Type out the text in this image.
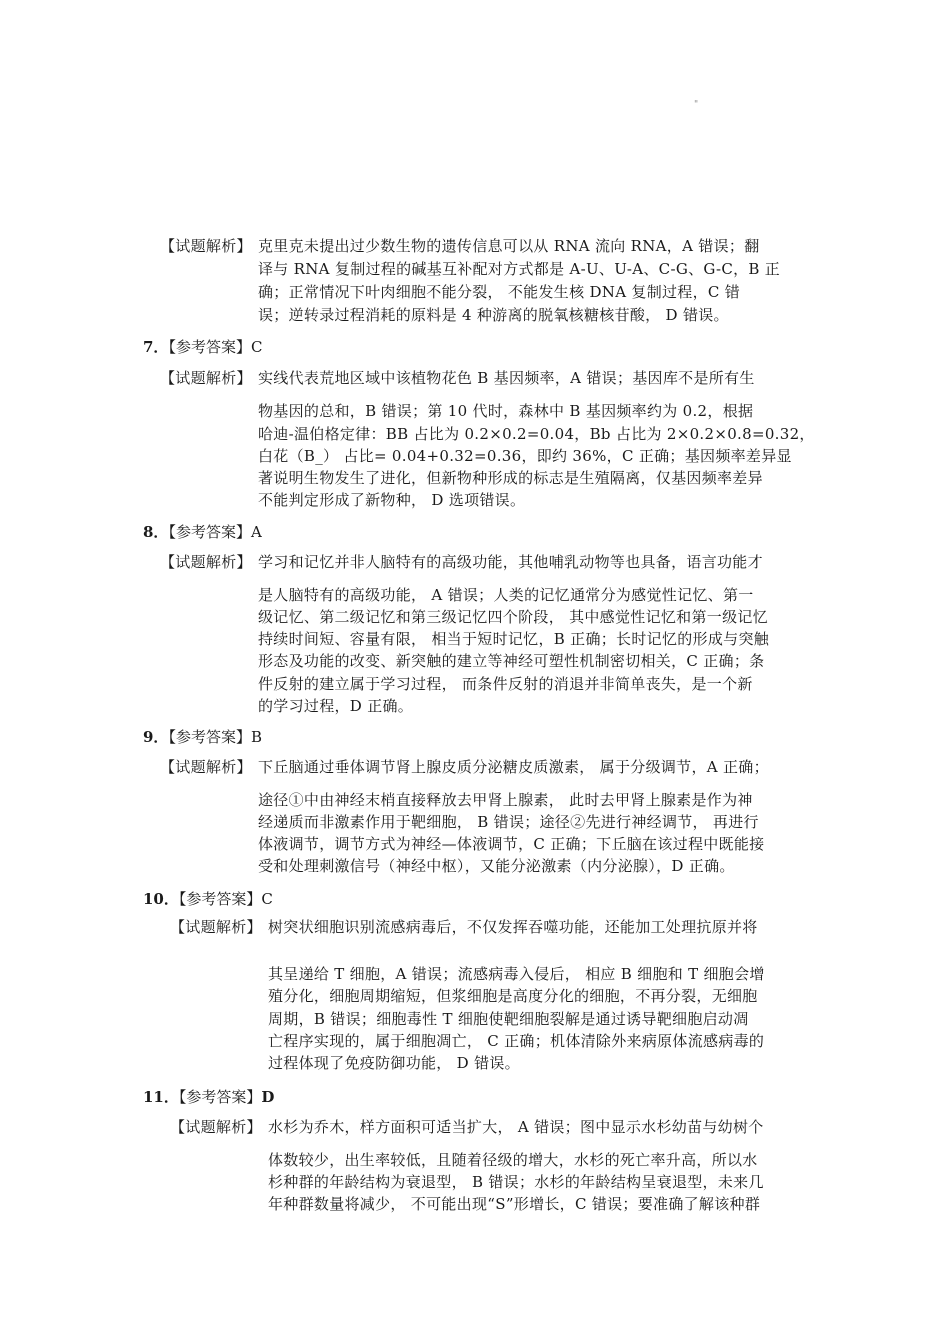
"
【试题解析】 克里克未提出过少数生物的遗传信息可以从 RNA 流向 RNA，A 错误；翻
译与 RNA 复制过程的碱基互补配对方式都是 A-U、U-A、C-G、G-C，B 正
确；正常情况下叶肉细胞不能分裂， 不能发生核 DNA 复制过程，C 错
误；逆转录过程消耗的原料是 4 种游离的脱氧核糖核苷酸， D 错误。
7．【参考答案】C
【试题解析】 实线代表荒地区域中该植物花色 B 基因频率，A 错误；基因库不是所有生
物基因的总和，B 错误；第 10 代时，森林中 B 基因频率约为 0.2，根据
哈迪-温伯格定律：BB 占比为 0.2×0.2=0.04，Bb 占比为 2×0.2×0.8=0.32，
白花（B_） 占比= 0.04+0.32=0.36，即约 36%，C 正确；基因频率差异显
著说明生物发生了进化，但新物种形成的标志是生殖隔离，仅基因频率差异
不能判定形成了新物种， D 选项错误。
8．【参考答案】A
【试题解析】 学习和记忆并非人脑特有的高级功能，其他哺乳动物等也具备，语言功能才
是人脑特有的高级功能， A 错误；人类的记忆通常分为感觉性记忆、第一
级记忆、第二级记忆和第三级记忆四个阶段， 其中感觉性记忆和第一级记忆
持续时间短、容量有限， 相当于短时记忆，B 正确；长时记忆的形成与突触
形态及功能的改变、新突触的建立等神经可塑性机制密切相关，C 正确；条
件反射的建立属于学习过程， 而条件反射的消退并非简单丧失，是一个新
的学习过程，D 正确。
9．【参考答案】B
【试题解析】 下丘脑通过垂体调节肾上腺皮质分泌糖皮质激素， 属于分级调节，A 正确；
途径①中由神经末梢直接释放去甲肾上腺素， 此时去甲肾上腺素是作为神
经递质而非激素作用于靶细胞， B 错误；途径②先进行神经调节， 再进行
体液调节，调节方式为神经—体液调节，C 正确；下丘脑在该过程中既能接
受和处理刺激信号（神经中枢），又能分泌激素（内分泌腺），D 正确。
10．【参考答案】C
【试题解析】 树突状细胞识别流感病毒后，不仅发挥吞噬功能，还能加工处理抗原并将
其呈递给 T 细胞，A 错误；流感病毒入侵后， 相应 B 细胞和 T 细胞会增
殖分化，细胞周期缩短，但浆细胞是高度分化的细胞，不再分裂，无细胞
周期，B 错误；细胞毒性 T 细胞使靶细胞裂解是通过诱导靶细胞启动凋
亡程序实现的，属于细胞凋亡， C 正确；机体清除外来病原体流感病毒的
过程体现了免疫防御功能， D 错误。
11．【参考答案】D
【试题解析】 水杉为乔木，样方面积可适当扩大， A 错误；图中显示水杉幼苗与幼树个
体数较少，出生率较低，且随着径级的增大，水杉的死亡率升高，所以水
杉种群的年龄结构为衰退型， B 错误；水杉的年龄结构呈衰退型，未来几
年种群数量将减少， 不可能出现“S”形增长，C 错误；要准确了解该种群
